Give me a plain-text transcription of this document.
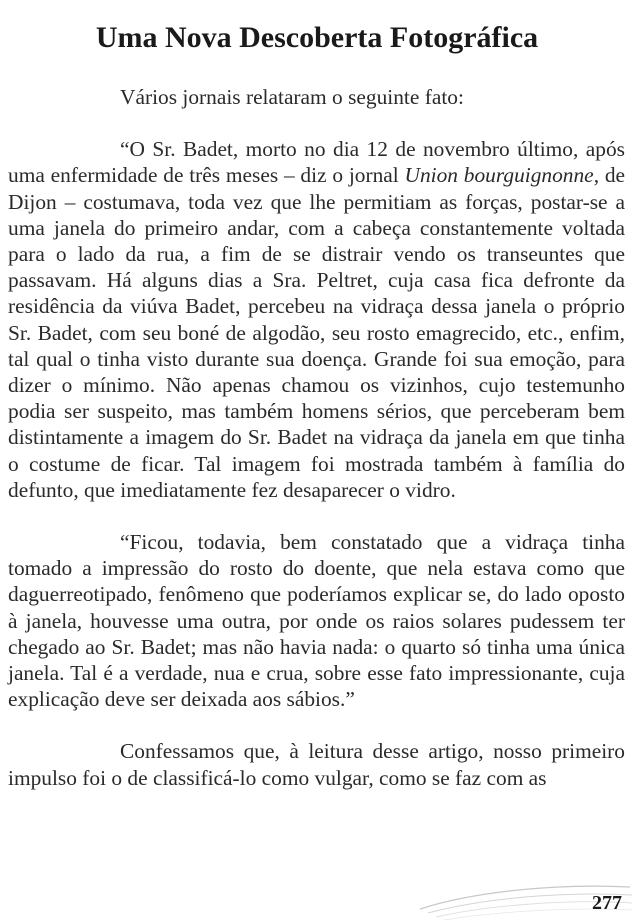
Uma Nova Descoberta Fotográfica

Vários jornais relataram o seguinte fato:

“O Sr. Badet, morto no dia 12 de novembro último, após uma enfermidade de três meses – diz o jornal Union bourguignonne, de Dijon – costumava, toda vez que lhe permitiam as forças, postar-se a uma janela do primeiro andar, com a cabeça constantemente voltada para o lado da rua, a fim de se distrair vendo os transeuntes que passavam. Há alguns dias a Sra. Peltret, cuja casa fica defronte da residência da viúva Badet, percebeu na vidraça dessa janela o próprio Sr. Badet, com seu boné de algodão, seu rosto emagrecido, etc., enfim, tal qual o tinha visto durante sua doença. Grande foi sua emoção, para dizer o mínimo. Não apenas chamou os vizinhos, cujo testemunho podia ser suspeito, mas também homens sérios, que perceberam bem distintamente a imagem do Sr. Badet na vidraça da janela em que tinha o costume de ficar. Tal imagem foi mostrada também à família do defunto, que imediatamente fez desaparecer o vidro.

“Ficou, todavia, bem constatado que a vidraça tinha tomado a impressão do rosto do doente, que nela estava como que daguerreotipado, fenômeno que poderíamos explicar se, do lado oposto à janela, houvesse uma outra, por onde os raios solares pudessem ter chegado ao Sr. Badet; mas não havia nada: o quarto só tinha uma única janela. Tal é a verdade, nua e crua, sobre esse fato impressionante, cuja explicação deve ser deixada aos sábios.”

Confessamos que, à leitura desse artigo, nosso primeiro impulso foi o de classificá-lo como vulgar, como se faz com as

277
